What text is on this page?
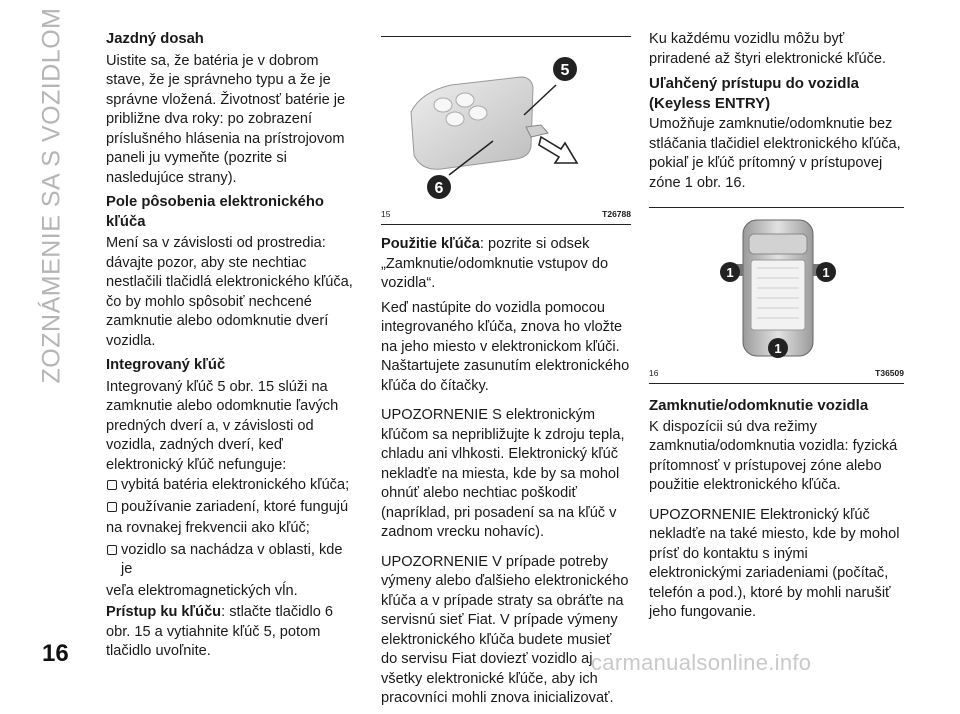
ZOZNÁMENIE SA S VOZIDLOM	Jazdný dosah

Uistite sa, že batéria je v dobrom stave, že je správneho typu a že je správne vložená. Životnosť batérie je približne dva roky: po zobrazení príslušného hlásenia na prístrojovom paneli ju vymeňte (pozrite si nasledujúce strany).

Pole pôsobenia elektronického kľúča

Mení sa v závislosti od prostredia: dávajte pozor, aby ste nechtiac nestlačili tlačidlá elektronického kľúča, čo by mohlo spôsobiť nechcené zamknutie alebo odomknutie dverí vozidla.

Integrovaný kľúč

Integrovaný kľúč 5 obr. 15 slúži na zamknutie alebo odomknutie ľavých predných dverí a, v závislosti od vozidla, zadných dverí, keď elektronický kľúč nefunguje:

vybitá batéria elektronického kľúča;
používanie zariadení, ktoré fungujú

na rovnakej frekvencii ako kľúč;

vozidlo sa nachádza v oblasti, kde je

veľa elektromagnetických vĺn.

Prístup ku kľúču: stlačte tlačidlo 6 obr. 15 a vytiahnite kľúč 5, potom tlačidlo uvoľnite.

5
6
15	T26788

Použitie kľúča: pozrite si odsek „Zamknutie/odomknutie vstupov do vozidla“.

Keď nastúpite do vozidla pomocou integrovaného kľúča, znova ho vložte na jeho miesto v elektronickom kľúči. Naštartujete zasunutím elektronického kľúča do čítačky.

UPOZORNENIE S elektronickým kľúčom sa nepribližujte k zdroju tepla, chladu ani vlhkosti. Elektronický kľúč nekladťe na miesta, kde by sa mohol ohnúť alebo nechtiac poškodiť (napríklad, pri posadení sa na kľúč v zadnom vrecku nohavíc).

UPOZORNENIE V prípade potreby výmeny alebo ďalšieho elektronického kľúča a v prípade straty sa obráťte na servisnú sieť Fiat. V prípade výmeny elektronického kľúča budete musieť do servisu Fiat doviezť vozidlo aj všetky elektronické kľúče, aby ich pracovníci mohli znova inicializovať.

Ku každému vozidlu môžu byť priradené až štyri elektronické kľúče.

Uľahčený prístupu do vozidla (Keyless ENTRY)

Umožňuje zamknutie/odomknutie bez stláčania tlačidiel elektronického kľúča, pokiaľ je kľúč prítomný v prístupovej zóne 1 obr. 16.

1	1
1
16	T36509
Zamknutie/odomknutie vozidla

K dispozícii sú dva režimy zamknutia/odomknutia vozidla: fyzická prítomnosť v prístupovej zóne alebo použitie elektronického kľúča.

UPOZORNENIE Elektronický kľúč nekladťe na také miesto, kde by mohol prísť do kontaktu s inými elektronickými zariadeniami (počítač, telefón a pod.), ktoré by mohli narušiť jeho fungovanie.

16	carmanualsonline.info
